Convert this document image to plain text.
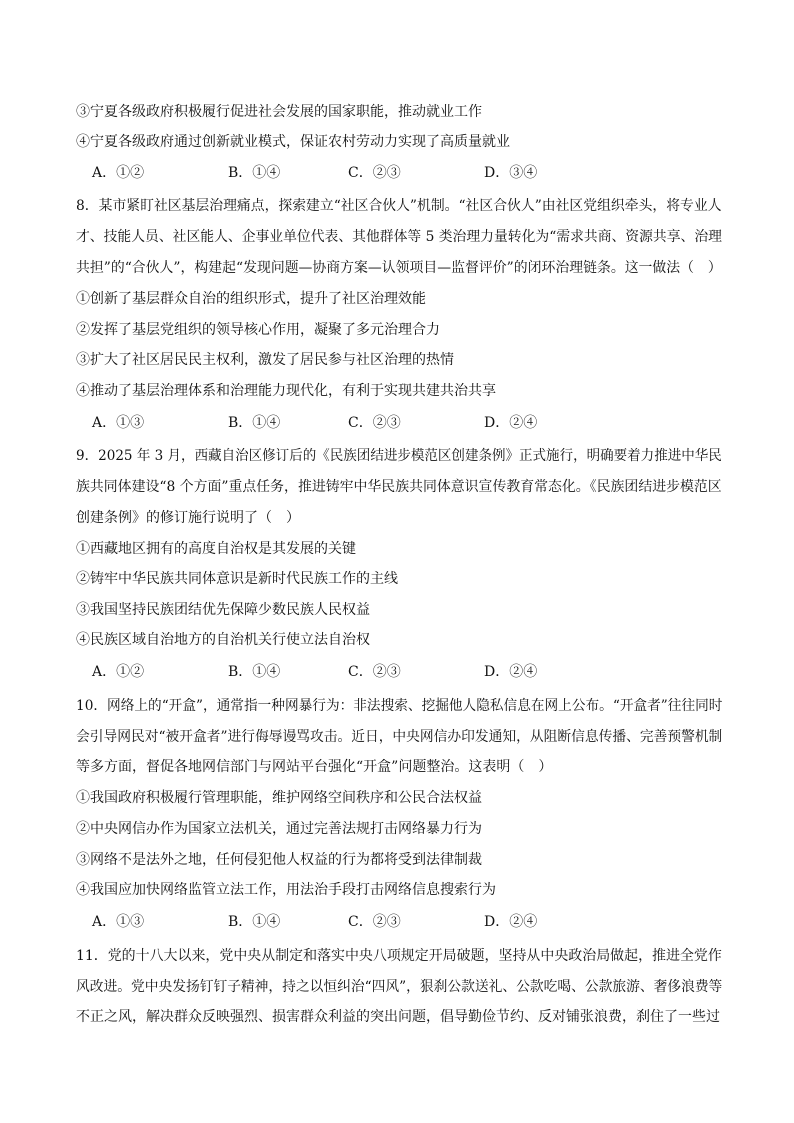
③宁夏各级政府积极履行促进社会发展的国家职能，推动就业工作
④宁夏各级政府通过创新就业模式，保证农村劳动力实现了高质量就业
A．①②	B．①④	C．②③	D．③④
8．某市紧盯社区基层治理痛点，探索建立“社区合伙人”机制。“社区合伙人”由社区党组织牵头，将专业人
才、技能人员、社区能人、企事业单位代表、其他群体等 5 类治理力量转化为“需求共商、资源共享、治理
共担”的“合伙人”，构建起“发现问题—协商方案—认领项目—监督评价”的闭环治理链条。这一做法（　）
①创新了基层群众自治的组织形式，提升了社区治理效能
②发挥了基层党组织的领导核心作用，凝聚了多元治理合力
③扩大了社区居民民主权利，激发了居民参与社区治理的热情
④推动了基层治理体系和治理能力现代化，有利于实现共建共治共享
A．①③	B．①④	C．②③	D．②④
9．2025 年 3 月，西藏自治区修订后的《民族团结进步模范区创建条例》正式施行，明确要着力推进中华民
族共同体建设“8 个方面”重点任务，推进铸牢中华民族共同体意识宣传教育常态化。《民族团结进步模范区
创建条例》的修订施行说明了（　）
①西藏地区拥有的高度自治权是其发展的关键
②铸牢中华民族共同体意识是新时代民族工作的主线
③我国坚持民族团结优先保障少数民族人民权益
④民族区域自治地方的自治机关行使立法自治权
A．①②	B．①④	C．②③	D．②④
10．网络上的“开盒”，通常指一种网暴行为：非法搜索、挖掘他人隐私信息在网上公布。“开盒者”往往同时
会引导网民对“被开盒者”进行侮辱谩骂攻击。近日，中央网信办印发通知，从阻断信息传播、完善预警机制
等多方面，督促各地网信部门与网站平台强化“开盒”问题整治。这表明（　）
①我国政府积极履行管理职能，维护网络空间秩序和公民合法权益
②中央网信办作为国家立法机关，通过完善法规打击网络暴力行为
③网络不是法外之地，任何侵犯他人权益的行为都将受到法律制裁
④我国应加快网络监管立法工作，用法治手段打击网络信息搜索行为
A．①③	B．①④	C．②③	D．②④
11．党的十八大以来，党中央从制定和落实中央八项规定开局破题，坚持从中央政治局做起，推进全党作
风改进。党中央发扬钉钉子精神，持之以恒纠治“四风”，狠刹公款送礼、公款吃喝、公款旅游、奢侈浪费等
不正之风，解决群众反映强烈、损害群众利益的突出问题，倡导勤俭节约、反对铺张浪费，刹住了一些过
